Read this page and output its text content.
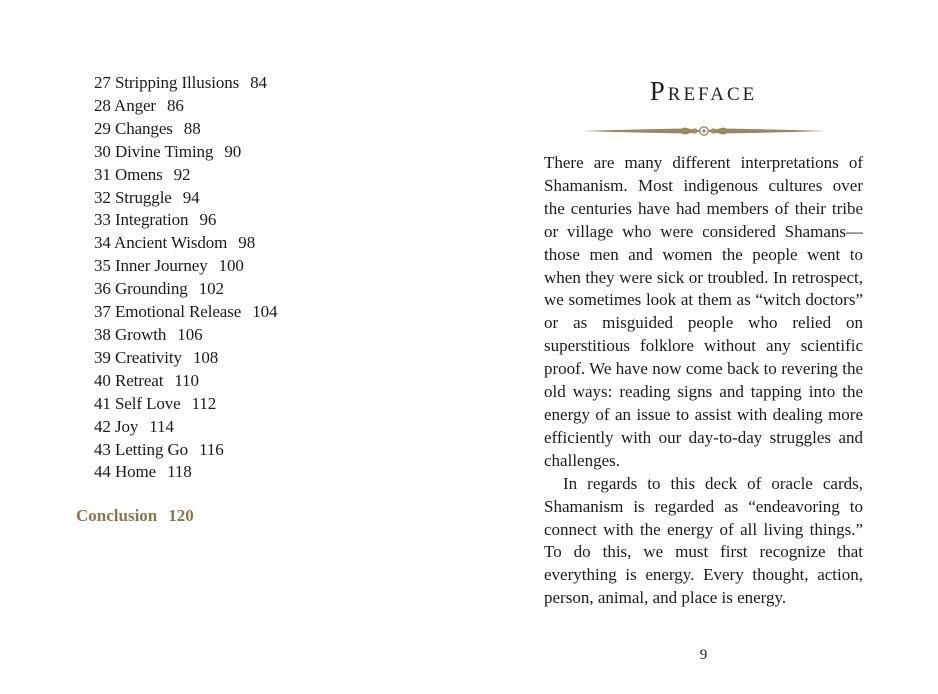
27 Stripping Illusions 84
28 Anger 86
29 Changes 88
30 Divine Timing 90
31 Omens 92
32 Struggle 94
33 Integration 96
34 Ancient Wisdom 98
35 Inner Journey 100
36 Grounding 102
37 Emotional Release 104
38 Growth 106
39 Creativity 108
40 Retreat 110
41 Self Love 112
42 Joy 114
43 Letting Go 116
44 Home 118
Conclusion 120
Preface

There are many different interpretations of Shamanism. Most indigenous cultures over the centuries have had members of their tribe or village who were considered Shamans—those men and women the people went to when they were sick or troubled. In retrospect, we sometimes look at them as “witch doctors” or as misguided people who relied on superstitious folklore without any scientific proof. We have now come back to revering the old ways: reading signs and tapping into the energy of an issue to assist with dealing more efficiently with our day-to-day struggles and challenges.

In regards to this deck of oracle cards, Shamanism is regarded as “endeavoring to connect with the energy of all living things.” To do this, we must first recognize that everything is energy. Every thought, action, person, animal, and place is energy.

9
